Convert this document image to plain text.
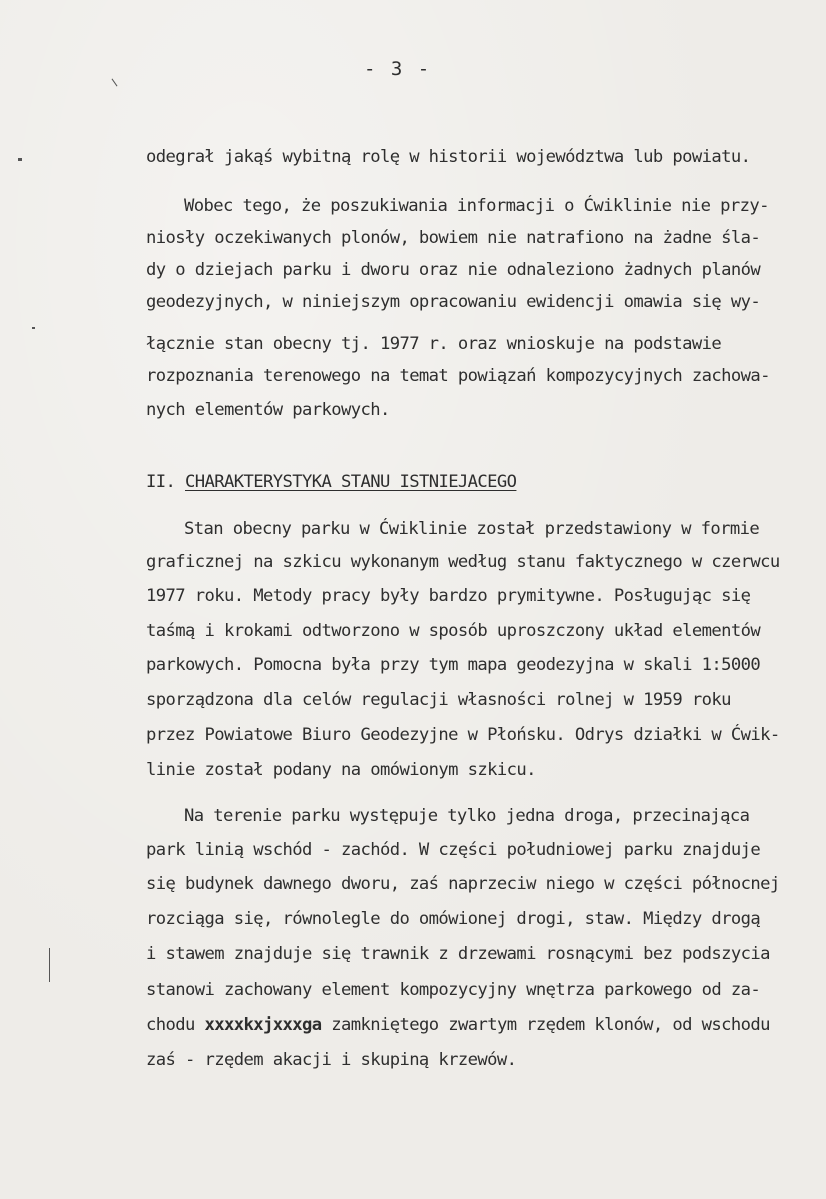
- 3 -
odegrał jakąś wybitną rolę w historii województwa lub powiatu.
Wobec tego, że poszukiwania informacji o Ćwiklinie nie przy-
niosły oczekiwanych plonów, bowiem nie natrafiono na żadne śla-
dy o dziejach parku i dworu oraz nie odnaleziono żadnych planów
geodezyjnych, w niniejszym opracowaniu ewidencji omawia się wy-
łącznie stan obecny tj. 1977 r. oraz wnioskuje na podstawie
rozpoznania terenowego na temat powiązań kompozycyjnych zachowa-
nych elementów parkowych.
II. CHARAKTERYSTYKA STANU ISTNIEJACEGO
Stan obecny parku w Ćwiklinie został przedstawiony w formie
graficznej na szkicu wykonanym według stanu faktycznego w czerwcu
1977 roku. Metody pracy były bardzo prymitywne. Posługując się
taśmą i krokami odtworzono w sposób uproszczony układ elementów
parkowych. Pomocna była przy tym mapa geodezyjna w skali 1:5000
sporządzona dla celów regulacji własności rolnej w 1959 roku
przez Powiatowe Biuro Geodezyjne w Płońsku. Odrys działki w Ćwik-
linie został podany na omówionym szkicu.
Na terenie parku występuje tylko jedna droga, przecinająca
park linią wschód - zachód. W części południowej parku znajduje
się budynek dawnego dworu, zaś naprzeciw niego w części północnej
rozciąga się, równolegle do omówionej drogi, staw. Między drogą
i stawem znajduje się trawnik z drzewami rosnącymi bez podszycia
stanowi zachowany element kompozycyjny wnętrza parkowego od za-
chodu xxxxkxjxxxga zamkniętego zwartym rzędem klonów, od wschodu
zaś - rzędem akacji i skupiną krzewów.
